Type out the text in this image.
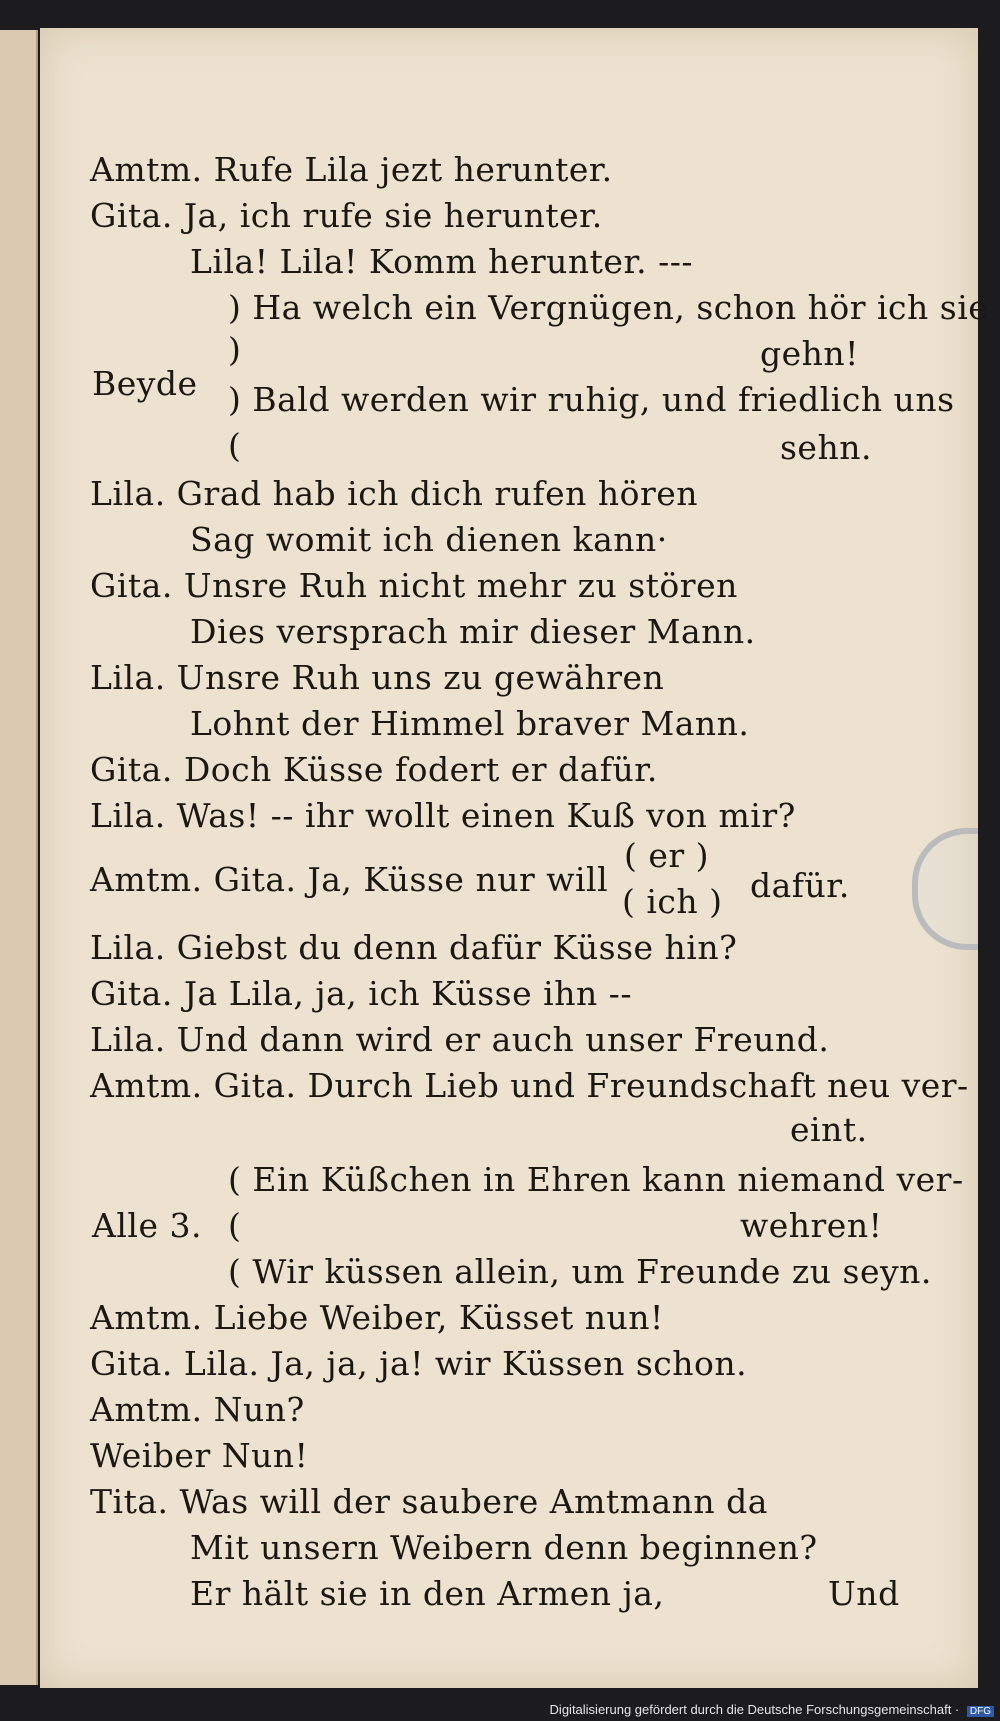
Amtm. Rufe Lila jezt herunter.
Gita. Ja, ich rufe sie herunter.
Lila! Lila! Komm herunter. ---
) Ha welch ein Vergnügen, schon hör ich sie
)	gehn!
Beyde ) Bald werden wir ruhig, und friedlich uns
(	sehn.
Lila. Grad hab ich dich rufen hören
Sag womit ich dienen kann·
Gita. Unsre Ruh nicht mehr zu stören
Dies versprach mir dieser Mann.
Lila. Unsre Ruh uns zu gewähren
Lohnt der Himmel braver Mann.
Gita. Doch Küsse fodert er dafür.
Lila. Was! -- ihr wollt einen Kuß von mir?
Amtm. Gita. Ja, Küsse nur will
( er )
( ich ) dafür.
Lila. Giebst du denn dafür Küsse hin?
Gita. Ja Lila, ja, ich Küsse ihn --
Lila. Und dann wird er auch unser Freund.
Amtm. Gita. Durch Lieb und Freundschaft neu ver-
eint.
( Ein Küßchen in Ehren kann niemand ver-
Alle 3. (	wehren!
( Wir küssen allein, um Freunde zu seyn.
Amtm. Liebe Weiber, Küsset nun!
Gita. Lila. Ja, ja, ja! wir Küssen schon.
Amtm. Nun?
Weiber Nun!
Tita. Was will der saubere Amtmann da
Mit unsern Weibern denn beginnen?
Er hält sie in den Armen ja,	Und
Digitalisierung gefördert durch die Deutsche Forschungsgemeinschaft · DFG
